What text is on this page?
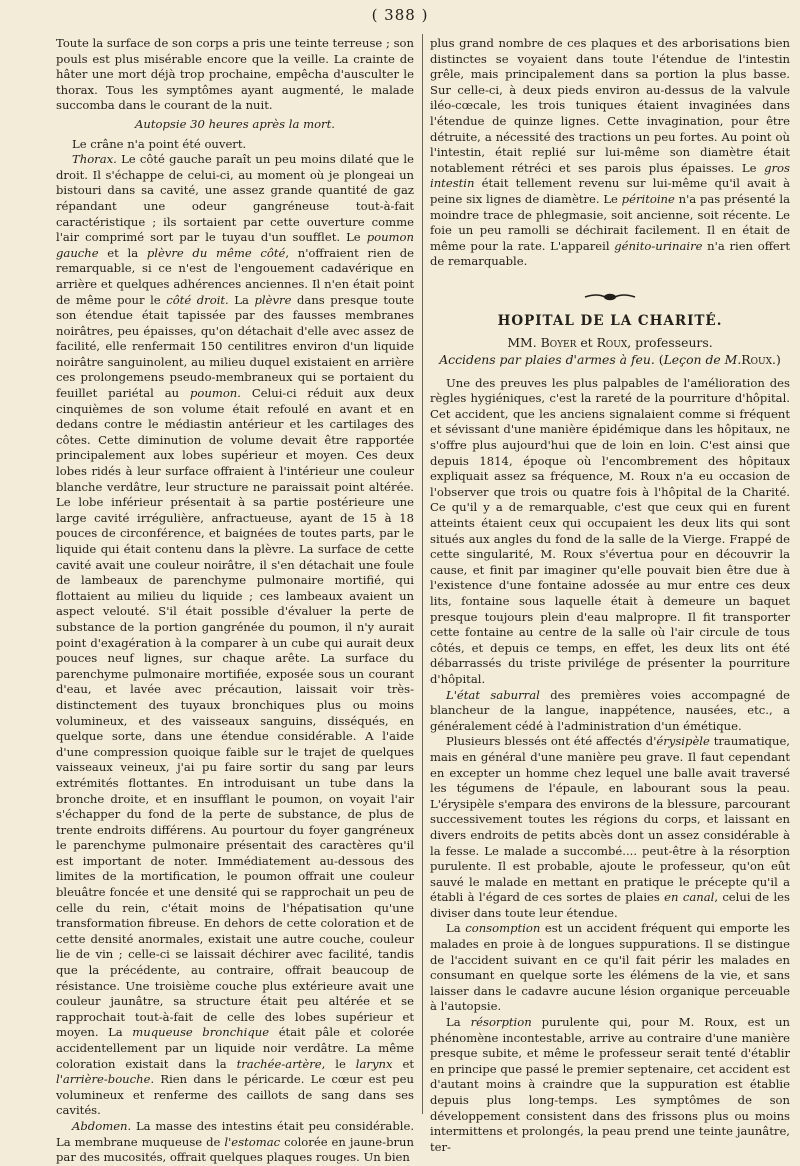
( 388 )

Toute la surface de son corps a pris une teinte terreuse ; son pouls est plus misérable encore que la veille. La crainte de hâter une mort déjà trop prochaine, empêcha d'ausculter le thorax. Tous les symptômes ayant augmenté, le malade succomba dans le courant de la nuit.

Autopsie 30 heures après la mort.

Le crâne n'a point été ouvert.

Thorax. Le côté gauche paraît un peu moins dilaté que le droit. Il s'échappe de celui-ci, au moment où je plongeai un bistouri dans sa cavité, une assez grande quantité de gaz répandant une odeur gangréneuse tout-à-fait caractéristique ; ils sortaient par cette ouverture comme l'air comprimé sort par le tuyau d'un soufflet. Le poumon gauche et la plèvre du même côté, n'offraient rien de remarquable, si ce n'est de l'engouement cadavérique en arrière et quelques adhérences anciennes. Il n'en était point de même pour le côté droit. La plèvre dans presque toute son étendue était tapissée par des fausses membranes noirâtres, peu épaisses, qu'on détachait d'elle avec assez de facilité, elle renfermait 150 centilitres environ d'un liquide noirâtre sanguinolent, au milieu duquel existaient en arrière ces prolongemens pseudo-membraneux qui se portaient du feuillet pariétal au poumon. Celui-ci réduit aux deux cinquièmes de son volume était refoulé en avant et en dedans contre le médiastin antérieur et les cartilages des côtes. Cette diminution de volume devait être rapportée principalement aux lobes supérieur et moyen. Ces deux lobes ridés à leur surface offraient à l'intérieur une couleur blanche verdâtre, leur structure ne paraissait point altérée. Le lobe inférieur présentait à sa partie postérieure une large cavité irrégulière, anfractueuse, ayant de 15 à 18 pouces de circonférence, et baignées de toutes parts, par le liquide qui était contenu dans la plèvre. La surface de cette cavité avait une couleur noirâtre, il s'en détachait une foule de lambeaux de parenchyme pulmonaire mortifié, qui flottaient au milieu du liquide ; ces lambeaux avaient un aspect velouté. S'il était possible d'évaluer la perte de substance de la portion gangrénée du poumon, il n'y aurait point d'exagération à la comparer à un cube qui aurait deux pouces neuf lignes, sur chaque arête. La surface du parenchyme pulmonaire mortifiée, exposée sous un courant d'eau, et lavée avec précaution, laissait voir très-distinctement des tuyaux bronchiques plus ou moins volumineux, et des vaisseaux sanguins, disséqués, en quelque sorte, dans une étendue considérable. A l'aide d'une compression quoique faible sur le trajet de quelques vaisseaux veineux, j'ai pu faire sortir du sang par leurs extrémités flottantes. En introduisant un tube dans la bronche droite, et en insufflant le poumon, on voyait l'air s'échapper du fond de la perte de substance, de plus de trente endroits différens. Au pourtour du foyer gangréneux le parenchyme pulmonaire présentait des caractères qu'il est important de noter. Immédiatement au-dessous des limites de la mortification, le poumon offrait une couleur bleuâtre foncée et une densité qui se rapprochait un peu de celle du rein, c'était moins de l'hépatisation qu'une transformation fibreuse. En dehors de cette coloration et de cette densité anormales, existait une autre couche, couleur lie de vin ; celle-ci se laissait déchirer avec facilité, tandis que la précédente, au contraire, offrait beaucoup de résistance. Une troisième couche plus extérieure avait une couleur jaunâtre, sa structure était peu altérée et se rapprochait tout-à-fait de celle des lobes supérieur et moyen. La muqueuse bronchique était pâle et colorée accidentellement par un liquide noir verdâtre. La même coloration existait dans la trachée-artère, le larynx et l'arrière-bouche. Rien dans le péricarde. Le cœur est peu volumineux et renferme des caillots de sang dans ses cavités.

Abdomen. La masse des intestins était peu considérable. La membrane muqueuse de l'estomac colorée en jaune-brun par des mucosités, offrait quelques plaques rouges. Un bien

plus grand nombre de ces plaques et des arborisations bien distinctes se voyaient dans toute l'étendue de l'intestin grêle, mais principalement dans sa portion la plus basse. Sur celle-ci, à deux pieds environ au-dessus de la valvule iléo-cœcale, les trois tuniques étaient invaginées dans l'étendue de quinze lignes. Cette invagination, pour être détruite, a nécessité des tractions un peu fortes. Au point où l'intestin, était replié sur lui-même son diamètre était notablement rétréci et ses parois plus épaisses. Le gros intestin était tellement revenu sur lui-même qu'il avait à peine six lignes de diamètre. Le péritoine n'a pas présenté la moindre trace de phlegmasie, soit ancienne, soit récente. Le foie un peu ramolli se déchirait facilement. Il en était de même pour la rate. L'appareil génito-urinaire n'a rien offert de remarquable.

HOPITAL DE LA CHARITÉ.

MM. Boyer et Roux, professeurs.

Accidens par plaies d'armes à feu. (Leçon de M.Roux.)

Une des preuves les plus palpables de l'amélioration des règles hygiéniques, c'est la rareté de la pourriture d'hôpital. Cet accident, que les anciens signalaient comme si fréquent et sévissant d'une manière épidémique dans les hôpitaux, ne s'offre plus aujourd'hui que de loin en loin. C'est ainsi que depuis 1814, époque où l'encombrement des hôpitaux expliquait assez sa fréquence, M. Roux n'a eu occasion de l'observer que trois ou quatre fois à l'hôpital de la Charité. Ce qu'il y a de remarquable, c'est que ceux qui en furent atteints étaient ceux qui occupaient les deux lits qui sont situés aux angles du fond de la salle de la Vierge. Frappé de cette singularité, M. Roux s'évertua pour en découvrir la cause, et finit par imaginer qu'elle pouvait bien être due à l'existence d'une fontaine adossée au mur entre ces deux lits, fontaine sous laquelle était à demeure un baquet presque toujours plein d'eau malpropre. Il fit transporter cette fontaine au centre de la salle où l'air circule de tous côtés, et depuis ce temps, en effet, les deux lits ont été débarrassés du triste privilége de présenter la pourriture d'hôpital.

L'état saburral des premières voies accompagné de blancheur de la langue, inappétence, nausées, etc., a généralement cédé à l'administration d'un émétique.

Plusieurs blessés ont été affectés d'érysipèle traumatique, mais en général d'une manière peu grave. Il faut cependant en excepter un homme chez lequel une balle avait traversé les tégumens de l'épaule, en labourant sous la peau. L'érysipèle s'empara des environs de la blessure, parcourant successivement toutes les régions du corps, et laissant en divers endroits de petits abcès dont un assez considérable à la fesse. Le malade a succombé.... peut-être à la résorption purulente. Il est probable, ajoute le professeur, qu'on eût sauvé le malade en mettant en pratique le précepte qu'il a établi à l'égard de ces sortes de plaies en canal, celui de les diviser dans toute leur étendue.

La consomption est un accident fréquent qui emporte les malades en proie à de longues suppurations. Il se distingue de l'accident suivant en ce qu'il fait périr les malades en consumant en quelque sorte les élémens de la vie, et sans laisser dans le cadavre aucune lésion organique perceuable à l'autopsie.

La résorption purulente qui, pour M. Roux, est un phénomène incontestable, arrive au contraire d'une manière presque subite, et même le professeur serait tenté d'établir en principe que passé le premier septenaire, cet accident est d'autant moins à craindre que la suppuration est établie depuis plus long-temps. Les symptômes de son développement consistent dans des frissons plus ou moins intermittens et prolongés, la peau prend une teinte jaunâtre, ter-
